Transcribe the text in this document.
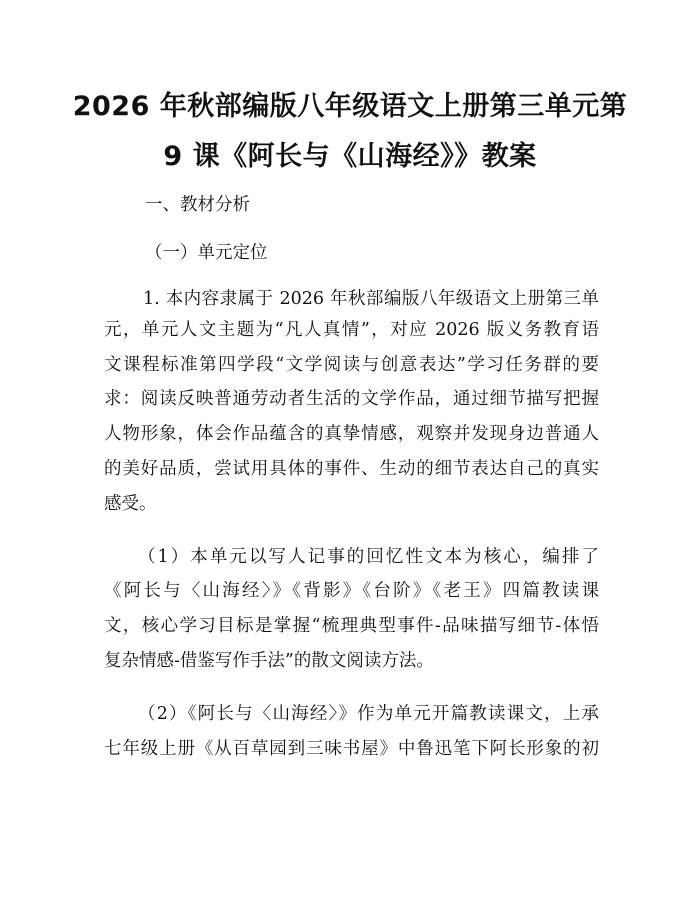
2026 年秋部编版八年级语文上册第三单元第
9 课《阿长与《山海经》》教案

一、教材分析

（一）单元定位

1. 本内容隶属于 2026 年秋部编版八年级语文上册第三单

元，单元人文主题为“凡人真情”，对应 2026 版义务教育语

文课程标准第四学段“文学阅读与创意表达”学习任务群的要

求：阅读反映普通劳动者生活的文学作品，通过细节描写把握

人物形象，体会作品蕴含的真挚情感，观察并发现身边普通人

的美好品质，尝试用具体的事件、生动的细节表达自己的真实

感受。

（1）本单元以写人记事的回忆性文本为核心，编排了

《阿长与〈山海经〉》《背影》《台阶》《老王》四篇教读课

文，核心学习目标是掌握“梳理典型事件-品味描写细节-体悟

复杂情感-借鉴写作手法”的散文阅读方法。

（2）《阿长与〈山海经〉》作为单元开篇教读课文，上承

七年级上册《从百草园到三味书屋》中鲁迅笔下阿长形象的初
